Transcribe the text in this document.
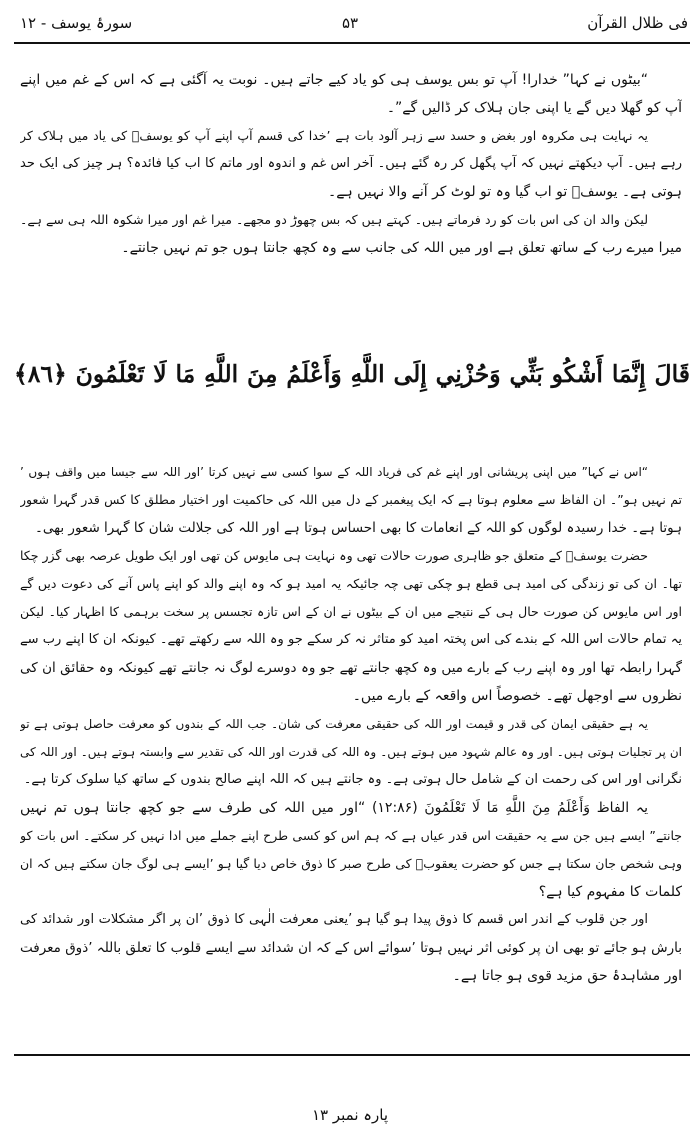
فی ظلال القرآن
۵۳
سورۂ یوسف - ۱۲
“بیٹوں نے کہا” خدارا! آپ تو بس یوسف ہی کو یاد کیے جاتے ہیں۔ نوبت یہ آگئی ہے کہ اس کے غم میں اپنے
آپ کو گھلا دیں گے یا اپنی جان ہلاک کر ڈالیں گے”۔
یہ نہایت ہی مکروہ اور بغض و حسد سے زہر آلود بات ہے ’خدا کی قسم آپ اپنے آپ کو یوسفؑ کی یاد میں ہلاک کر
رہے ہیں۔ آپ دیکھتے نہیں کہ آپ پگھل کر رہ گئے ہیں۔ آخر اس غم و اندوہ اور ماتم کا اب کیا فائدہ؟ ہر چیز کی ایک حد
ہوتی ہے۔ یوسفؑ تو اب گیا وہ تو لوٹ کر آنے والا نہیں ہے۔
لیکن والد ان کی اس بات کو رد فرماتے ہیں۔ کہتے ہیں کہ بس چھوڑ دو مجھے۔ میرا غم اور میرا شکوہ اللہ ہی سے ہے۔
میرا میرے رب کے ساتھ تعلق ہے اور میں اللہ کی جانب سے وہ کچھ جانتا ہوں جو تم نہیں جانتے۔
قَالَ إِنَّمَا أَشْكُو بَثِّي وَحُزْنِي إِلَى اللَّهِ وَأَعْلَمُ مِنَ اللَّهِ مَا لَا تَعْلَمُونَ ﴿٨٦﴾
“اس نے کہا” میں اپنی پریشانی اور اپنے غم کی فریاد اللہ کے سوا کسی سے نہیں کرتا ’اور اللہ سے جیسا میں واقف ہوں ’
تم نہیں ہو”۔ ان الفاظ سے معلوم ہوتا ہے کہ ایک پیغمبر کے دل میں اللہ کی حاکمیت اور اختیار مطلق کا کس قدر گہرا شعور
ہوتا ہے۔ خدا رسیدہ لوگوں کو اللہ کے انعامات کا بھی احساس ہوتا ہے اور اللہ کی جلالت شان کا گہرا شعور بھی۔
حضرت یوسفؑ کے متعلق جو ظاہری صورت حالات تھی وہ نہایت ہی مایوس کن تھی اور ایک طویل عرصہ بھی گزر چکا
تھا۔ ان کی تو زندگی کی امید ہی قطع ہو چکی تھی چہ جائیکہ یہ امید ہو کہ وہ اپنے والد کو اپنے پاس آنے کی دعوت دیں گے
اور اس مایوس کن صورت حال ہی کے نتیجے میں ان کے بیٹوں نے ان کے اس تازہ تجسس پر سخت برہمی کا اظہار کیا۔ لیکن
یہ تمام حالات اس اللہ کے بندے کی اس پختہ امید کو متاثر نہ کر سکے جو وہ اللہ سے رکھتے تھے۔ کیونکہ ان کا اپنے رب سے
گہرا رابطہ تھا اور وہ اپنے رب کے بارے میں وہ کچھ جانتے تھے جو وہ دوسرے لوگ نہ جانتے تھے کیونکہ وہ حقائق ان کی
نظروں سے اوجھل تھے۔ خصوصاً اس واقعہ کے بارے میں۔
یہ ہے حقیقی ایمان کی قدر و قیمت اور اللہ کی حقیقی معرفت کی شان۔ جب اللہ کے بندوں کو معرفت حاصل ہوتی ہے تو
ان پر تجلیات ہوتی ہیں۔ اور وہ عالم شہود میں ہوتے ہیں۔ وہ اللہ کی قدرت اور اللہ کی تقدیر سے وابستہ ہوتے ہیں۔ اور اللہ کی
نگرانی اور اس کی رحمت ان کے شامل حال ہوتی ہے۔ وہ جانتے ہیں کہ اللہ اپنے صالح بندوں کے ساتھ کیا سلوک کرتا ہے۔
یہ الفاظ وَأَعْلَمُ مِنَ اللَّهِ مَا لَا تَعْلَمُونَ (۱۲:۸۶) “اور میں اللہ کی طرف سے جو کچھ جانتا ہوں تم نہیں
جانتے” ایسے ہیں جن سے یہ حقیقت اس قدر عیاں ہے کہ ہم اس کو کسی طرح اپنے جملے میں ادا نہیں کر سکتے۔ اس بات کو
وہی شخص جان سکتا ہے جس کو حضرت یعقوبؑ کی طرح صبر کا ذوق خاص دیا گیا ہو ’ایسے ہی لوگ جان سکتے ہیں کہ ان
کلمات کا مفہوم کیا ہے؟
اور جن قلوب کے اندر اس قسم کا ذوق پیدا ہو گیا ہو ’یعنی معرفت الٰہی کا ذوق ’ان پر اگر مشکلات اور شدائد کی
بارش ہو جائے تو بھی ان پر کوئی اثر نہیں ہوتا ’سوائے اس کے کہ ان شدائد سے ایسے قلوب کا تعلق باللہ ’ذوق معرفت
اور مشاہدۂ حق مزید قوی ہو جاتا ہے۔
پارہ نمبر ۱۳
